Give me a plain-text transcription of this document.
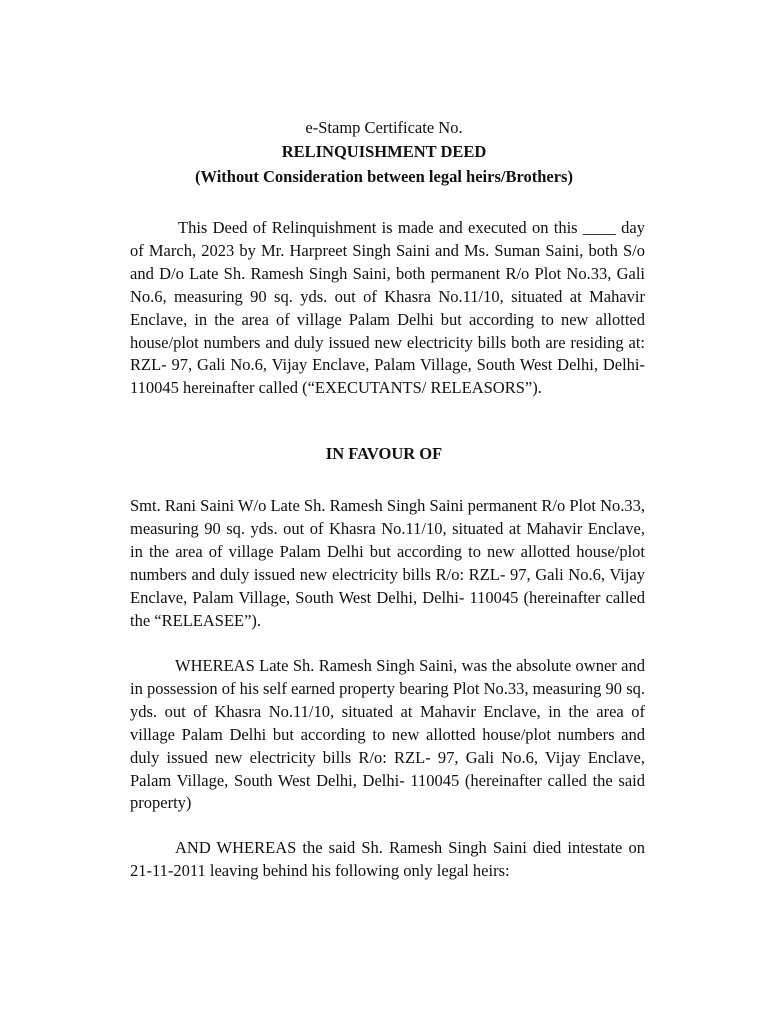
e-Stamp Certificate No.
RELINQUISHMENT DEED
(Without Consideration between legal heirs/Brothers)

This Deed of Relinquishment is made and executed on this ____ day of March, 2023 by Mr. Harpreet Singh Saini and Ms. Suman Saini, both S/o and D/o Late Sh. Ramesh Singh Saini, both permanent R/o Plot No.33, Gali No.6, measuring 90 sq. yds. out of Khasra No.11/10, situated at Mahavir Enclave, in the area of village Palam Delhi but according to new allotted house/plot numbers and duly issued new electricity bills both are residing at: RZL- 97, Gali No.6, Vijay Enclave, Palam Village, South West Delhi, Delhi- 110045 hereinafter called (“EXECUTANTS/ RELEASORS”).

IN FAVOUR OF

Smt. Rani Saini W/o Late Sh. Ramesh Singh Saini permanent R/o Plot No.33, measuring 90 sq. yds. out of Khasra No.11/10, situated at Mahavir Enclave, in the area of village Palam Delhi but according to new allotted house/plot numbers and duly issued new electricity bills R/o: RZL- 97, Gali No.6, Vijay Enclave, Palam Village, South West Delhi, Delhi- 110045 (hereinafter called the “RELEASEE”).

WHEREAS Late Sh. Ramesh Singh Saini, was the absolute owner and in possession of his self earned property bearing Plot No.33, measuring 90 sq. yds. out of Khasra No.11/10, situated at Mahavir Enclave, in the area of village Palam Delhi but according to new allotted house/plot numbers and duly issued new electricity bills R/o: RZL- 97, Gali No.6, Vijay Enclave, Palam Village, South West Delhi, Delhi- 110045 (hereinafter called the said property)

AND WHEREAS the said Sh. Ramesh Singh Saini died intestate on 21-11-2011 leaving behind his following only legal heirs:
